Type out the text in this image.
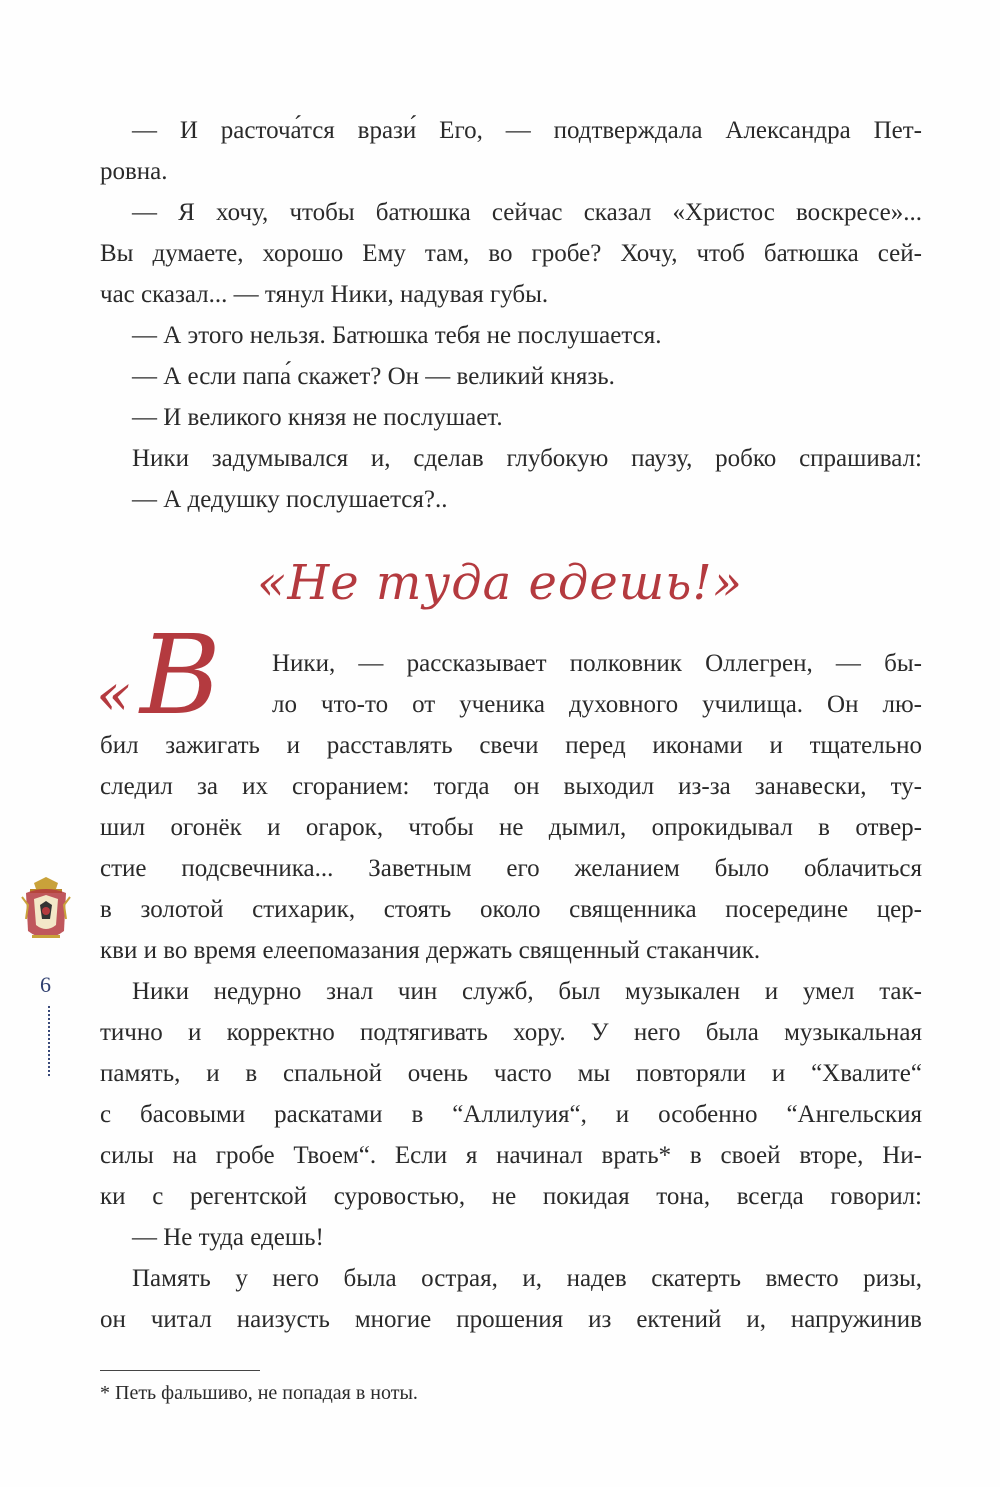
— И расточа́тся врази́ Его, — подтверждала Александра Пет-
ровна.
— Я хочу, чтобы батюшка сейчас сказал «Христос воскресе»...
Вы думаете, хорошо Ему там, во гробе? Хочу, чтоб батюшка сей-
час сказал... — тянул Ники, надувая губы.
— А этого нельзя. Батюшка тебя не послушается.
— А если папа́ скажет? Он — великий князь.
— И великого князя не послушает.
Ники задумывался и, сделав глубокую паузу, робко спрашивал:
— А дедушку послушается?..
«Не туда едешь!»
« В	Ники, — рассказывает полковник Оллегрен, — бы-
ло что-то от ученика духовного училища. Он лю-
бил зажигать и расставлять свечи перед иконами и тщательно
следил за их сгоранием: тогда он выходил из-за занавески, ту-
шил огонёк и огарок, чтобы не дымил, опрокидывал в отвер-
стие подсвечника... Заветным его желанием было облачиться
в золотой стихарик, стоять около священника посередине цер-
кви и во время елеепомазания держать священный стаканчик.
Ники недурно знал чин служб, был музыкален и умел так-
тично и корректно подтягивать хору. У него была музыкальная
память, и в спальной очень часто мы повторяли и “Хвалите“
с басовыми раскатами в “Аллилуия“, и особенно “Ангельския
силы на гробе Твоем“. Если я начинал врать* в своей вторе, Ни-
ки с регентской суровостью, не покидая тона, всегда говорил:
— Не туда едешь!
Память у него была острая, и, надев скатерть вместо ризы,
он читал наизусть многие прошения из ектений и, напружинив
6
* Петь фальшиво, не попадая в ноты.
